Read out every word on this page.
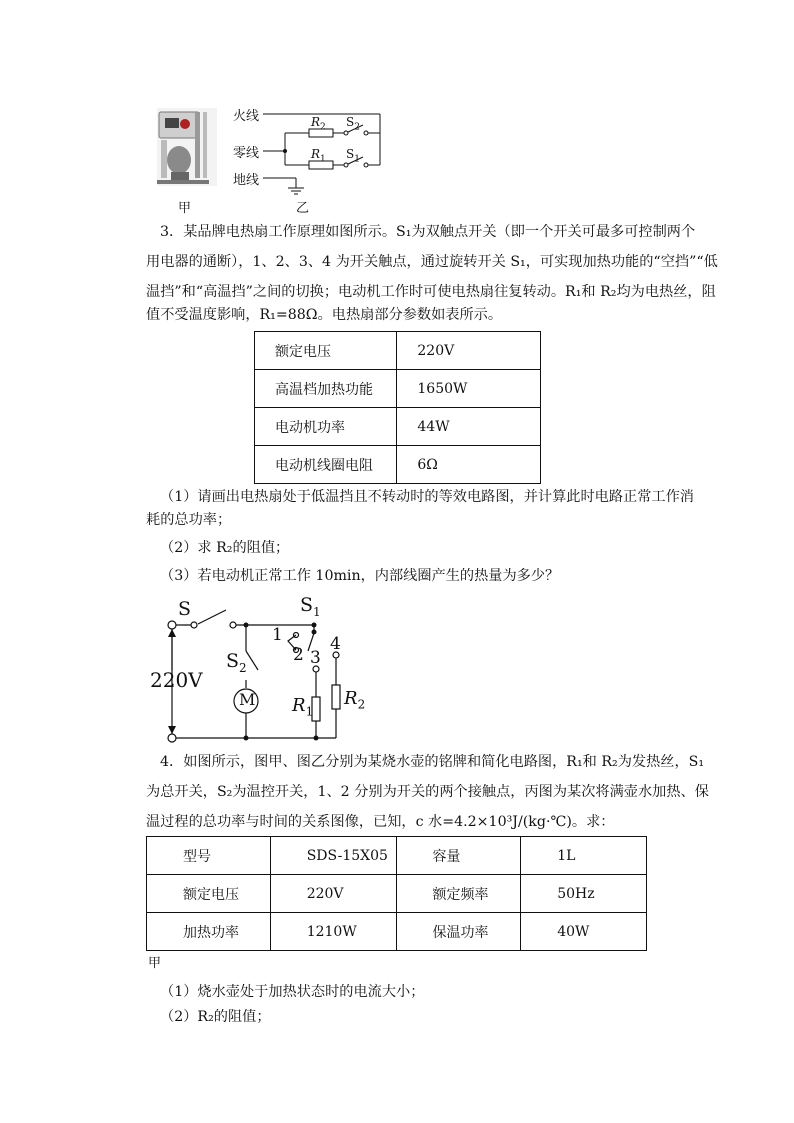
甲
火线
零线
地线
$R_2$ $S_2$
$R_1$ $S_1$
乙
3．某品牌电热扇工作原理如图所示。S₁为双触点开关（即一个开关可最多可控制两个
用电器的通断），1、2、3、4 为开关触点，通过旋转开关 S₁，可实现加热功能的“空挡”“低
温挡”和“高温挡”之间的切换；电动机工作时可使电热扇往复转动。R₁和 R₂均为电热丝，阻
值不受温度影响，R₁=88Ω。电热扇部分参数如表所示。
额定电压	220V
高温档加热功能	1650W
电动机功率	44W
电动机线圈电阻	6Ω
（1）请画出电热扇处于低温挡且不转动时的等效电路图，并计算此时电路正常工作消
耗的总功率；
（2）求 R₂的阻值；
（3）若电动机正常工作 10min，内部线圈产生的热量为多少？
S	$S_1$
$S_2$
220V
M
1
2 3
4
$R_1$
$R_2$
4．如图所示，图甲、图乙分别为某烧水壶的铭牌和简化电路图，R₁和 R₂为发热丝，S₁
为总开关，S₂为温控开关，1、2 分别为开关的两个接触点，丙图为某次将满壶水加热、保
温过程的总功率与时间的关系图像，已知，c 水=4.2×10³J/(kg·℃)。求：
型号	SDS-15X05	容量	1L
额定电压	220V	额定频率	50Hz
加热功率	1210W	保温功率	40W
甲
（1）烧水壶处于加热状态时的电流大小；
（2）R₂的阻值；
